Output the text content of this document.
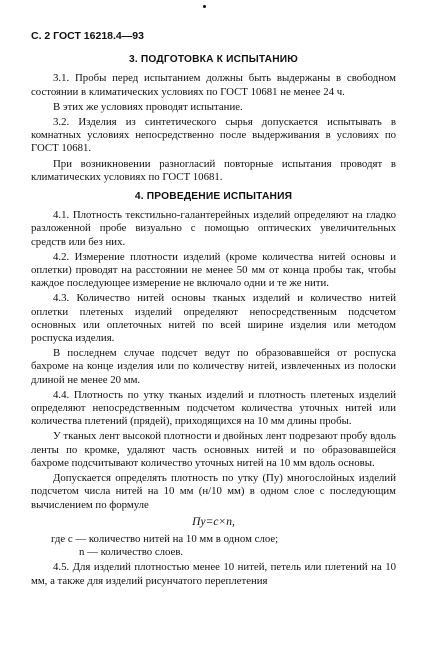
С. 2 ГОСТ 16218.4—93
3. ПОДГОТОВКА К ИСПЫТАНИЮ

3.1. Пробы перед испытанием должны быть выдержаны в свободном состоянии в климатических условиях по ГОСТ 10681 не менее 24 ч.

В этих же условиях проводят испытание.

3.2. Изделия из синтетического сырья допускается испытывать в комнатных условиях непосредственно после выдерживания в условиях по ГОСТ 10681.

При возникновении разногласий повторные испытания проводят в климатических условиях по ГОСТ 10681.

4. ПРОВЕДЕНИЕ ИСПЫТАНИЯ

4.1. Плотность текстильно-галантерейных изделий определяют на гладко разложенной пробе визуально с помощью оптических увеличительных средств или без них.

4.2. Измерение плотности изделий (кроме количества нитей основы и оплетки) проводят на расстоянии не менее 50 мм от конца пробы так, чтобы каждое последующее измерение не включало одни и те же нити.

4.3. Количество нитей основы тканых изделий и количество нитей оплетки плетеных изделий определяют непосредственным подсчетом основных или оплеточных нитей по всей ширине изделия или методом роспуска изделия.

В последнем случае подсчет ведут по образовавшейся от роспуска бахроме на конце изделия или по количеству нитей, извлеченных из полоски длиной не менее 20 мм.

4.4. Плотность по утку тканых изделий и плотность плетеных изделий определяют непосредственным подсчетом количества уточных нитей или количества плетений (прядей), приходящихся на 10 мм длины пробы.

У тканых лент высокой плотности и двойных лент подрезают пробу вдоль ленты по кромке, удаляют часть основных нитей и по образовавшейся бахроме подсчитывают количество уточных нитей на 10 мм вдоль основы.

Допускается определять плотность по утку (Пу) многослойных изделий подсчетом числа нитей на 10 мм (н/10 мм) в одном слое с последующим вычислением по формуле

Пу=c×n,

где c — количество нитей на 10 мм в одном слое;

n — количество слоев.

4.5. Для изделий плотностью менее 10 нитей, петель или плетений на 10 мм, а также для изделий рисунчатого переплетения
